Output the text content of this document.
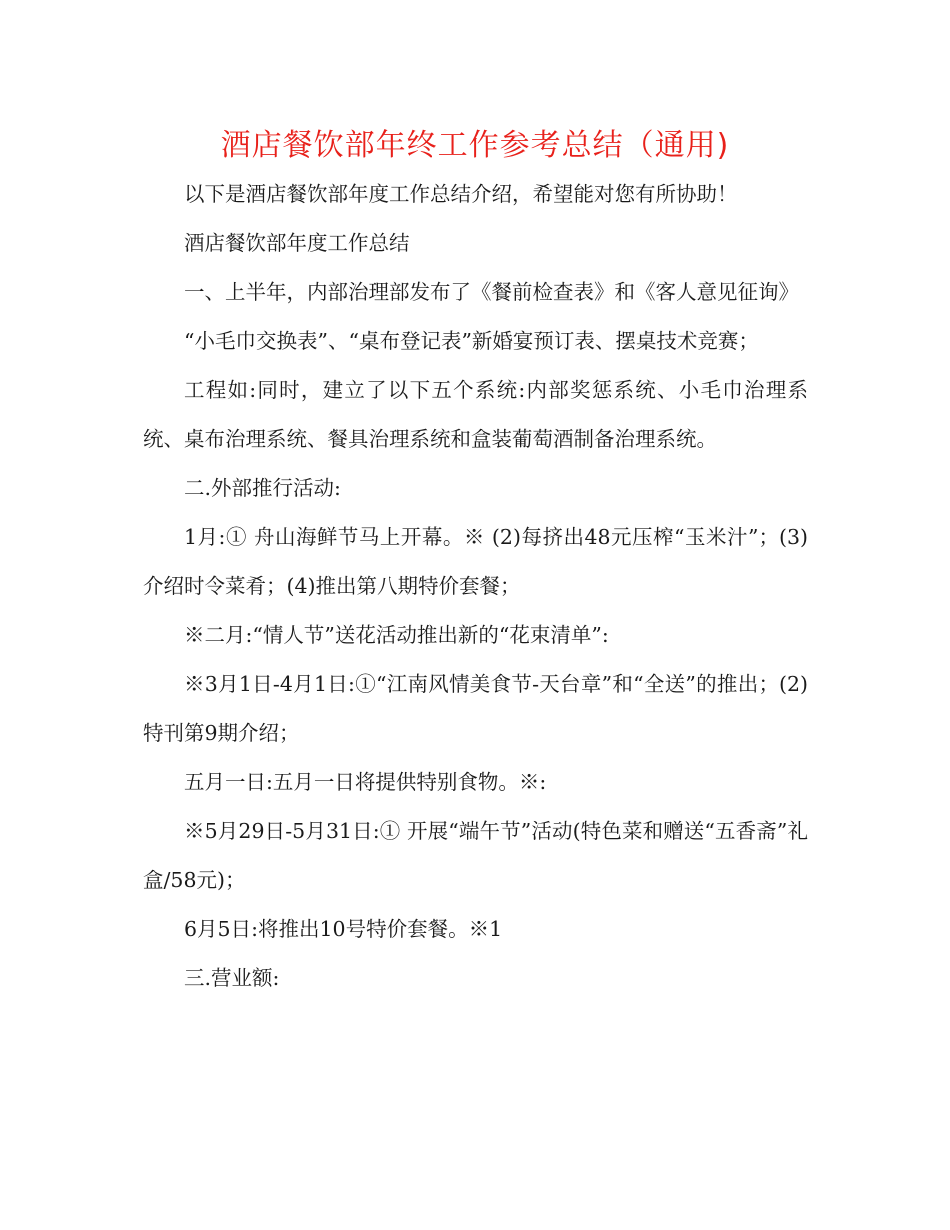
酒店餐饮部年终工作参考总结（通用)

以下是酒店餐饮部年度工作总结介绍，希望能对您有所协助！

酒店餐饮部年度工作总结

一、上半年，内部治理部发布了《餐前检查表》和《客人意见征询》

“小毛巾交换表”、“桌布登记表”新婚宴预订表、摆桌技术竞赛；

工程如:同时，建立了以下五个系统:内部奖惩系统、小毛巾治理系统、桌布治理系统、餐具治理系统和盒装葡萄酒制备治理系统。

二.外部推行活动:

1月:① 舟山海鲜节马上开幕。※ (2)每挤出48元压榨“玉米汁”；(3)介绍时令菜肴；(4)推出第八期特价套餐；

※二月:“情人节”送花活动推出新的“花束清单”:

※3月1日-4月1日:①“江南风情美食节-天台章”和“全送”的推出；(2)特刊第9期介绍；

五月一日:五月一日将提供特别食物。※:

※5月29日-5月31日:① 开展“端午节”活动(特色菜和赠送“五香斋”礼盒/58元)；

6月5日:将推出10号特价套餐。※1

三.营业额:
